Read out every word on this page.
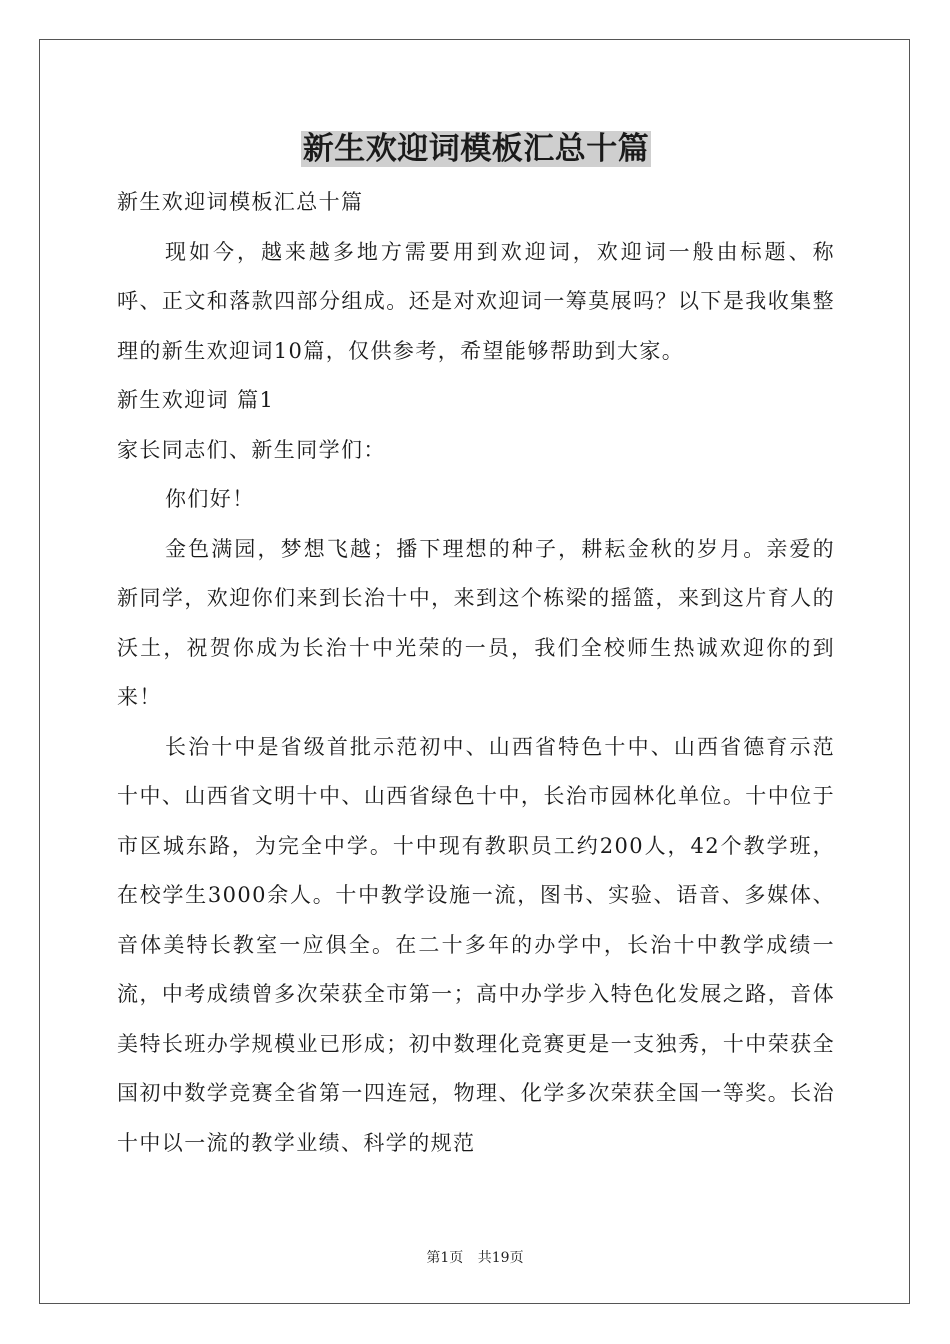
新生欢迎词模板汇总十篇

新生欢迎词模板汇总十篇

现如今，越来越多地方需要用到欢迎词，欢迎词一般由标题、称呼、正文和落款四部分组成。还是对欢迎词一筹莫展吗？以下是我收集整理的新生欢迎词10篇，仅供参考，希望能够帮助到大家。

新生欢迎词 篇1

家长同志们、新生同学们：

你们好！

金色满园，梦想飞越；播下理想的种子，耕耘金秋的岁月。亲爱的新同学，欢迎你们来到长治十中，来到这个栋梁的摇篮，来到这片育人的沃土，祝贺你成为长治十中光荣的一员，我们全校师生热诚欢迎你的到来！

长治十中是省级首批示范初中、山西省特色十中、山西省德育示范十中、山西省文明十中、山西省绿色十中，长治市园林化单位。十中位于市区城东路，为完全中学。十中现有教职员工约200人，42个教学班，在校学生3000余人。十中教学设施一流，图书、实验、语音、多媒体、音体美特长教室一应俱全。在二十多年的办学中，长治十中教学成绩一流，中考成绩曾多次荣获全市第一；高中办学步入特色化发展之路，音体美特长班办学规模业已形成；初中数理化竞赛更是一支独秀，十中荣获全国初中数学竞赛全省第一四连冠，物理、化学多次荣获全国一等奖。长治十中以一流的教学业绩、科学的规范

第1页 共19页
